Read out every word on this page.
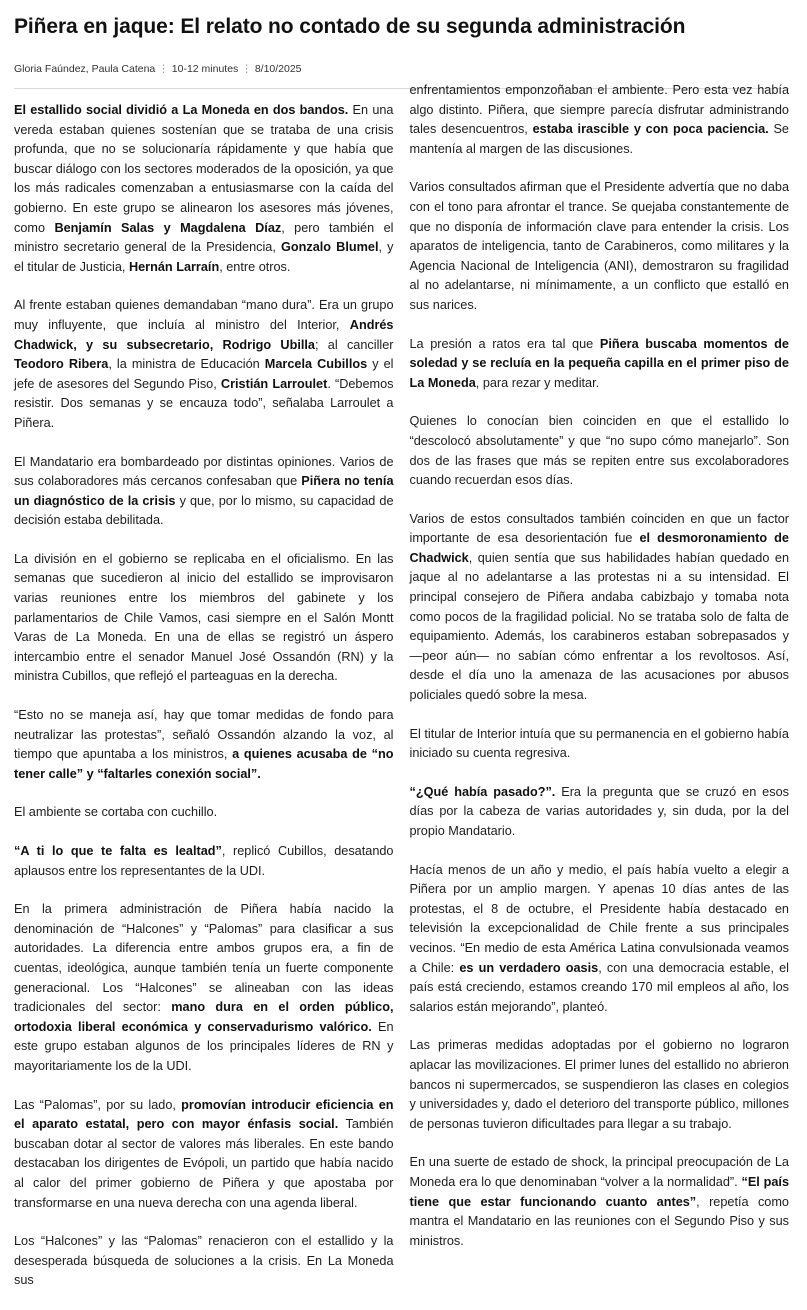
Piñera en jaque: El relato no contado de su segunda administración
Gloria Faúndez, Paula Catena ⋮ 10-12 minutes ⋮ 8/10/2025

El estallido social dividió a La Moneda en dos bandos. En una vereda estaban quienes sostenían que se trataba de una crisis profunda, que no se solucionaría rápidamente y que había que buscar diálogo con los sectores moderados de la oposición, ya que los más radicales comenzaban a entusiasmarse con la caída del gobierno. En este grupo se alinearon los asesores más jóvenes, como Benjamín Salas y Magdalena Díaz, pero también el ministro secretario general de la Presidencia, Gonzalo Blumel, y el titular de Justicia, Hernán Larraín, entre otros.

Al frente estaban quienes demandaban “mano dura”. Era un grupo muy influyente, que incluía al ministro del Interior, Andrés Chadwick, y su subsecretario, Rodrigo Ubilla; al canciller Teodoro Ribera, la ministra de Educación Marcela Cubillos y el jefe de asesores del Segundo Piso, Cristián Larroulet. “Debemos resistir. Dos semanas y se encauza todo”, señalaba Larroulet a Piñera.

El Mandatario era bombardeado por distintas opiniones. Varios de sus colaboradores más cercanos confesaban que Piñera no tenía un diagnóstico de la crisis y que, por lo mismo, su capacidad de decisión estaba debilitada.

La división en el gobierno se replicaba en el oficialismo. En las semanas que sucedieron al inicio del estallido se improvisaron varias reuniones entre los miembros del gabinete y los parlamentarios de Chile Vamos, casi siempre en el Salón Montt Varas de La Moneda. En una de ellas se registró un áspero intercambio entre el senador Manuel José Ossandón (RN) y la ministra Cubillos, que reflejó el parteaguas en la derecha.

“Esto no se maneja así, hay que tomar medidas de fondo para neutralizar las protestas”, señaló Ossandón alzando la voz, al tiempo que apuntaba a los ministros, a quienes acusaba de “no tener calle” y “faltarles conexión social”.

El ambiente se cortaba con cuchillo.

“A ti lo que te falta es lealtad”, replicó Cubillos, desatando aplausos entre los representantes de la UDI.

En la primera administración de Piñera había nacido la denominación de “Halcones” y “Palomas” para clasificar a sus autoridades. La diferencia entre ambos grupos era, a fin de cuentas, ideológica, aunque también tenía un fuerte componente generacional. Los “Halcones” se alineaban con las ideas tradicionales del sector: mano dura en el orden público, ortodoxia liberal económica y conservadurismo valórico. En este grupo estaban algunos de los principales líderes de RN y mayoritariamente los de la UDI.

Las “Palomas”, por su lado, promovían introducir eficiencia en el aparato estatal, pero con mayor énfasis social. También buscaban dotar al sector de valores más liberales. En este bando destacaban los dirigentes de Evópoli, un partido que había nacido al calor del primer gobierno de Piñera y que apostaba por transformarse en una nueva derecha con una agenda liberal.

Los “Halcones” y las “Palomas” renacieron con el estallido y la desesperada búsqueda de soluciones a la crisis. En La Moneda sus

enfrentamientos emponzoñaban el ambiente. Pero esta vez había algo distinto. Piñera, que siempre parecía disfrutar administrando tales desencuentros, estaba irascible y con poca paciencia. Se mantenía al margen de las discusiones.

Varios consultados afirman que el Presidente advertía que no daba con el tono para afrontar el trance. Se quejaba constantemente de que no disponía de información clave para entender la crisis. Los aparatos de inteligencia, tanto de Carabineros, como militares y la Agencia Nacional de Inteligencia (ANI), demostraron su fragilidad al no adelantarse, ni mínimamente, a un conflicto que estalló en sus narices.

La presión a ratos era tal que Piñera buscaba momentos de soledad y se recluía en la pequeña capilla en el primer piso de La Moneda, para rezar y meditar.

Quienes lo conocían bien coinciden en que el estallido lo “descolocó absolutamente” y que “no supo cómo manejarlo”. Son dos de las frases que más se repiten entre sus excolaboradores cuando recuerdan esos días.

Varios de estos consultados también coinciden en que un factor importante de esa desorientación fue el desmoronamiento de Chadwick, quien sentía que sus habilidades habían quedado en jaque al no adelantarse a las protestas ni a su intensidad. El principal consejero de Piñera andaba cabizbajo y tomaba nota como pocos de la fragilidad policial. No se trataba solo de falta de equipamiento. Además, los carabineros estaban sobrepasados y —peor aún— no sabían cómo enfrentar a los revoltosos. Así, desde el día uno la amenaza de las acusaciones por abusos policiales quedó sobre la mesa.

El titular de Interior intuía que su permanencia en el gobierno había iniciado su cuenta regresiva.

“¿Qué había pasado?”. Era la pregunta que se cruzó en esos días por la cabeza de varias autoridades y, sin duda, por la del propio Mandatario.

Hacía menos de un año y medio, el país había vuelto a elegir a Piñera por un amplio margen. Y apenas 10 días antes de las protestas, el 8 de octubre, el Presidente había destacado en televisión la excepcionalidad de Chile frente a sus principales vecinos. “En medio de esta América Latina convulsionada veamos a Chile: es un verdadero oasis, con una democracia estable, el país está creciendo, estamos creando 170 mil empleos al año, los salarios están mejorando”, planteó.

Las primeras medidas adoptadas por el gobierno no lograron aplacar las movilizaciones. El primer lunes del estallido no abrieron bancos ni supermercados, se suspendieron las clases en colegios y universidades y, dado el deterioro del transporte público, millones de personas tuvieron dificultades para llegar a su trabajo.

En una suerte de estado de shock, la principal preocupación de La Moneda era lo que denominaban “volver a la normalidad”. “El país tiene que estar funcionando cuanto antes”, repetía como mantra el Mandatario en las reuniones con el Segundo Piso y sus ministros.
